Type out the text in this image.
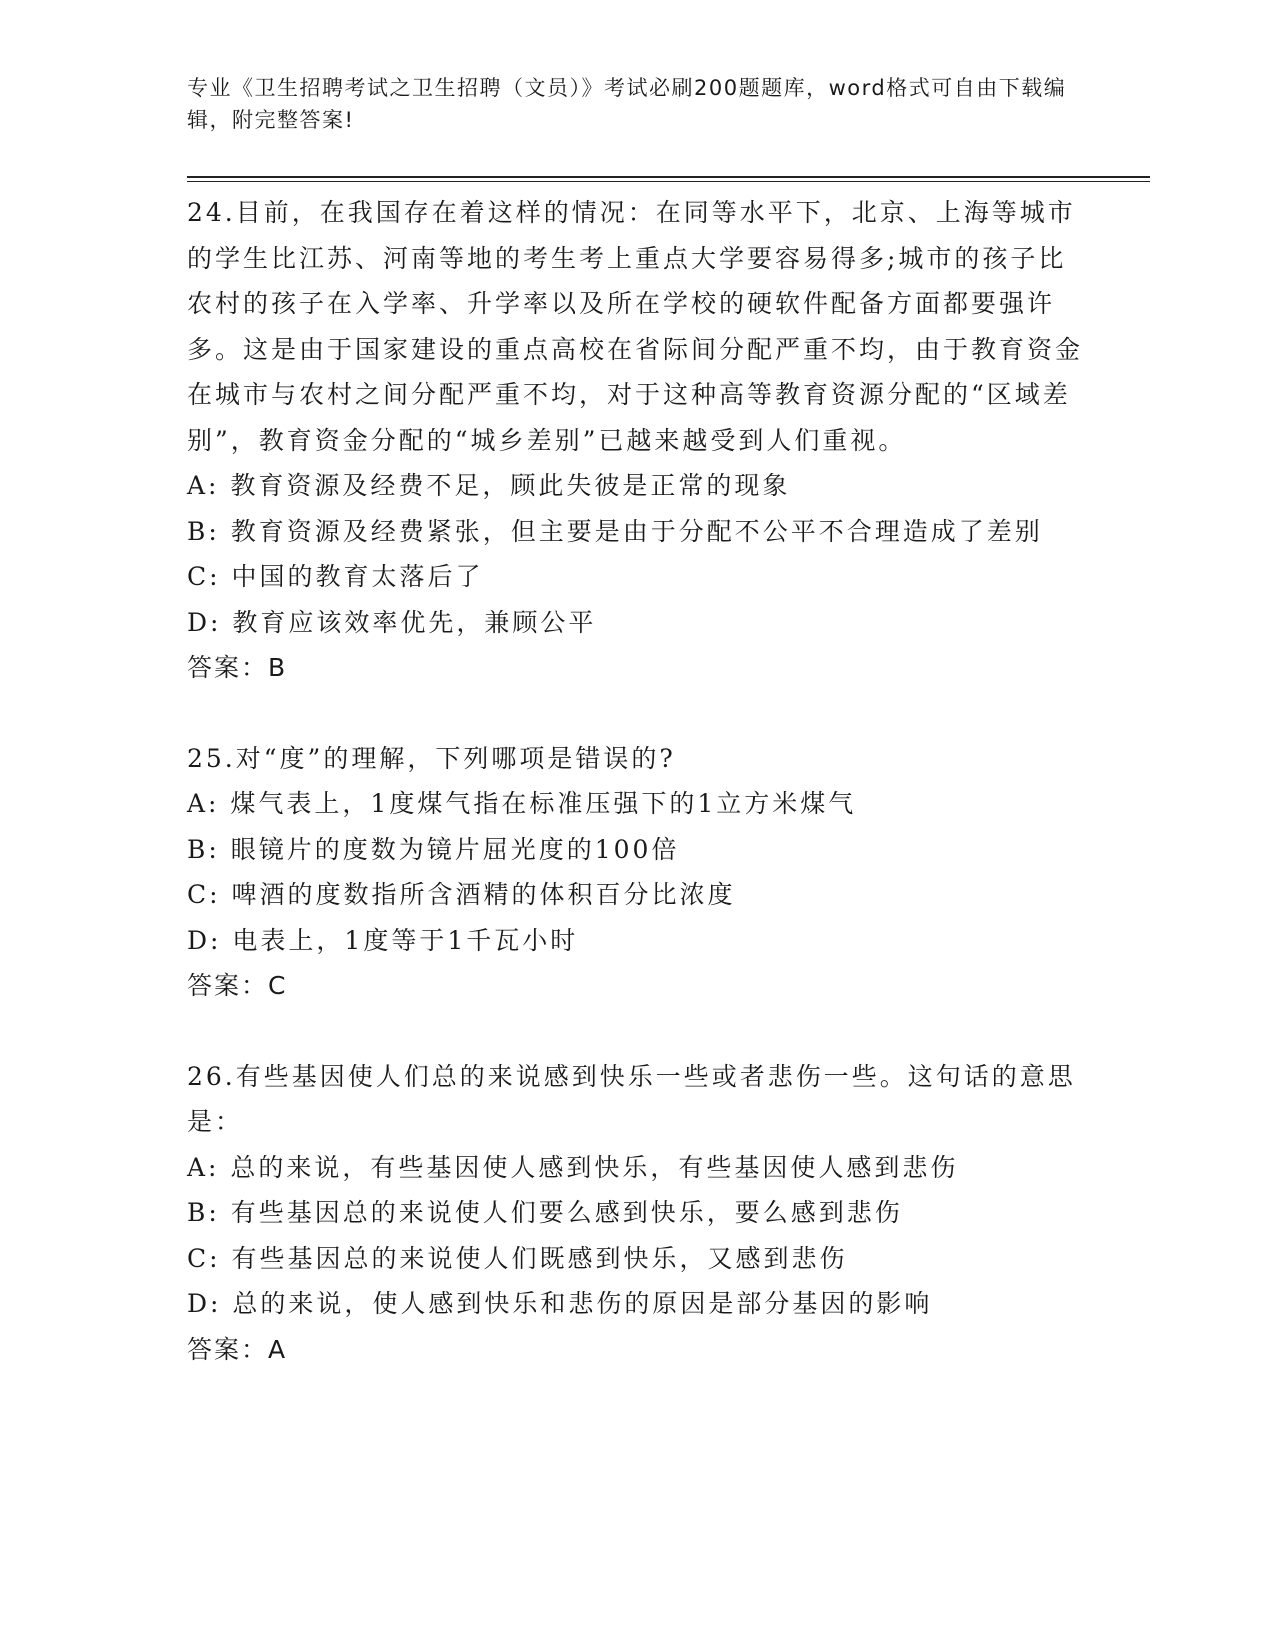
专业《卫生招聘考试之卫生招聘（文员）》考试必刷200题题库，word格式可自由下载编辑，附完整答案!
24.目前，在我国存在着这样的情况：在同等水平下，北京、上海等城市的学生比江苏、河南等地的考生考上重点大学要容易得多;城市的孩子比农村的孩子在入学率、升学率以及所在学校的硬软件配备方面都要强许多。这是由于国家建设的重点高校在省际间分配严重不均，由于教育资金在城市与农村之间分配严重不均，对于这种高等教育资源分配的“区域差别”，教育资金分配的“城乡差别”已越来越受到人们重视。
A: 教育资源及经费不足，顾此失彼是正常的现象
B: 教育资源及经费紧张，但主要是由于分配不公平不合理造成了差别
C: 中国的教育太落后了
D: 教育应该效率优先，兼顾公平
答案：B
25.对“度”的理解，下列哪项是错误的?
A: 煤气表上，1度煤气指在标准压强下的1立方米煤气
B: 眼镜片的度数为镜片屈光度的100倍
C: 啤酒的度数指所含酒精的体积百分比浓度
D: 电表上，1度等于1千瓦小时
答案：C
26.有些基因使人们总的来说感到快乐一些或者悲伤一些。这句话的意思是：
A: 总的来说，有些基因使人感到快乐，有些基因使人感到悲伤
B: 有些基因总的来说使人们要么感到快乐，要么感到悲伤
C: 有些基因总的来说使人们既感到快乐，又感到悲伤
D: 总的来说，使人感到快乐和悲伤的原因是部分基因的影响
答案：A
